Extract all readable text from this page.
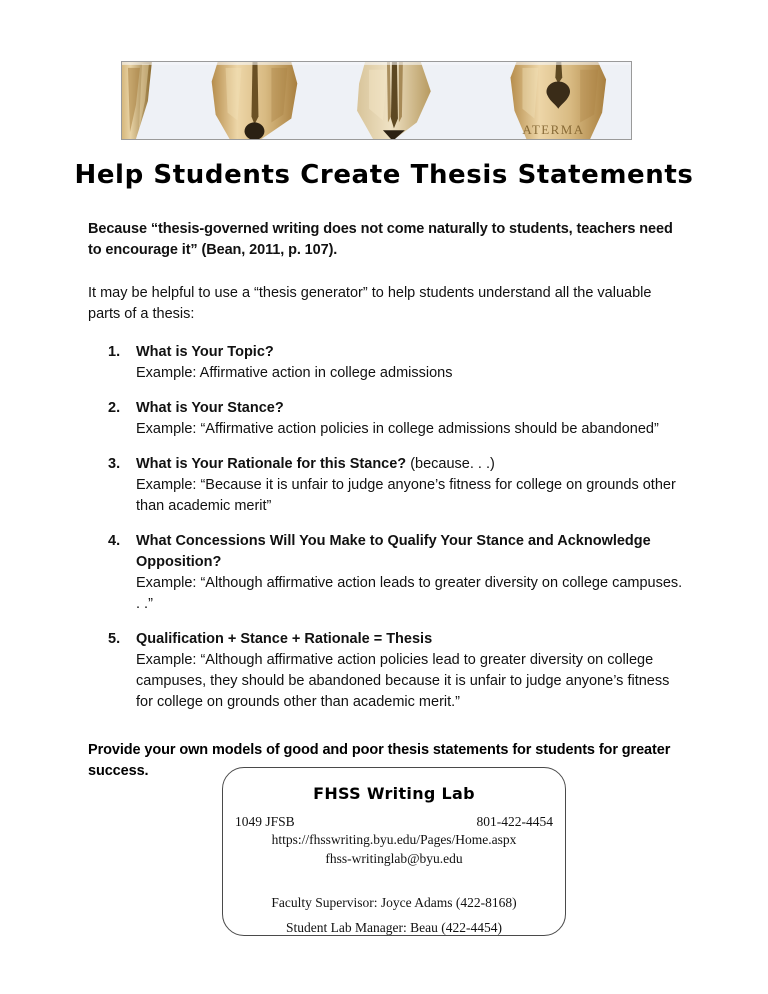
ATERMA
Help Students Create Thesis Statements
Because “thesis-governed writing does not come naturally to students, teachers need to encourage it” (Bean, 2011, p. 107).
It may be helpful to use a “thesis generator” to help students understand all the valuable parts of a thesis:
1.	What is Your Topic?
Example: Affirmative action in college admissions
2.	What is Your Stance?
Example: “Affirmative action policies in college admissions should be abandoned”
3.	What is Your Rationale for this Stance? (because. . .)
Example: “Because it is unfair to judge anyone’s fitness for college on grounds other than academic merit”
4.	What Concessions Will You Make to Qualify Your Stance and Acknowledge Opposition?
Example: “Although affirmative action leads to greater diversity on college campuses. . .”
5.	Qualification + Stance + Rationale = Thesis
Example: “Although affirmative action policies lead to greater diversity on college campuses, they should be abandoned because it is unfair to judge anyone’s fitness for college on grounds other than academic merit.”
Provide your own models of good and poor thesis statements for students for greater success.
FHSS Writing Lab
1049 JFSB	801-422-4454
https://fhsswriting.byu.edu/Pages/Home.aspx
fhss-writinglab@byu.edu
Faculty Supervisor: Joyce Adams (422-8168)
Student Lab Manager: Beau (422-4454)
